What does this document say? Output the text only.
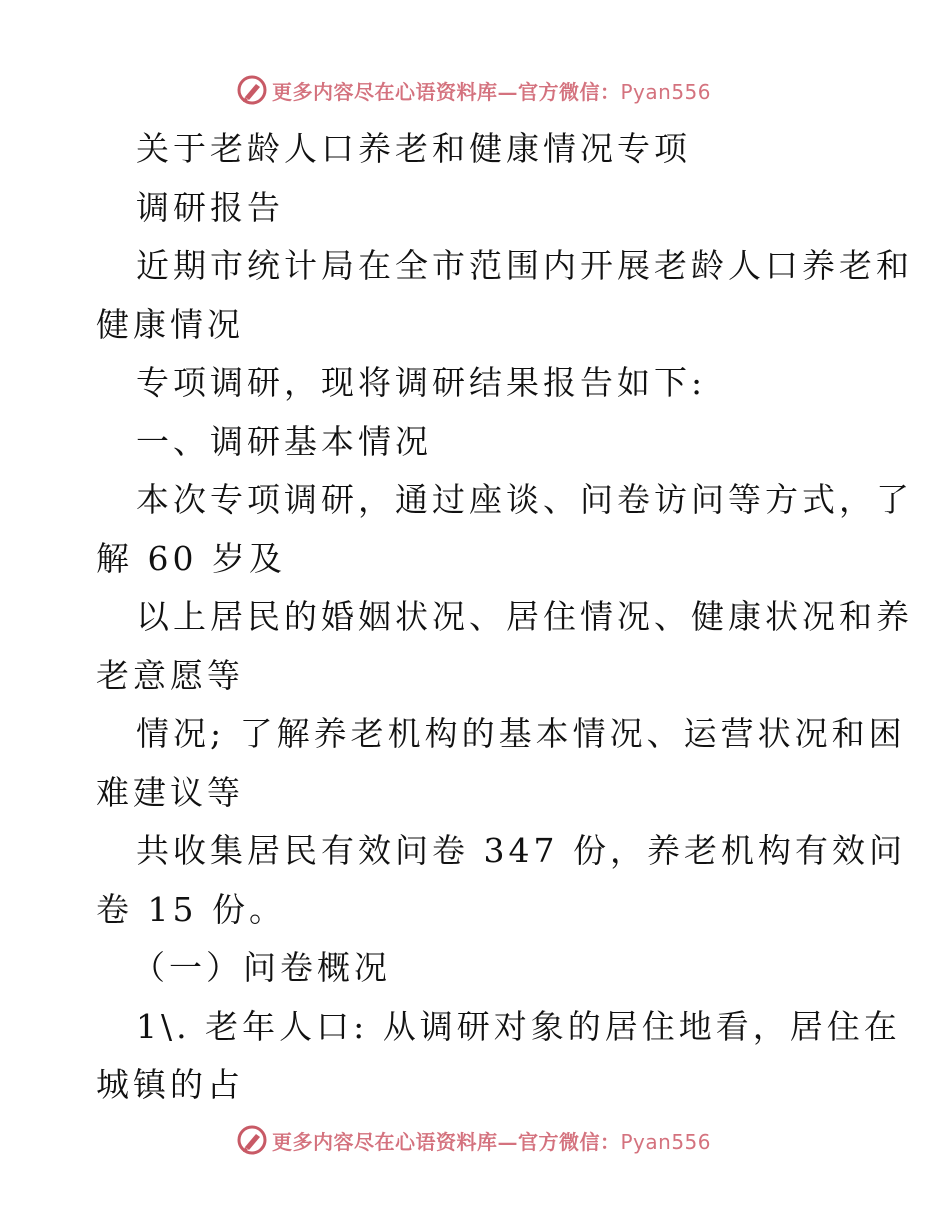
更多内容尽在心语资料库—官方微信：Pyan556
关于老龄人口养老和健康情况专项
调研报告
近期市统计局在全市范围内开展老龄人口养老和
健康情况
专项调研，现将调研结果报告如下:
一、调研基本情况
本次专项调研，通过座谈、问卷访问等方式，了
解 60 岁及
以上居民的婚姻状况、居住情况、健康状况和养
老意愿等
情况; 了解养老机构的基本情况、运营状况和困
难建议等
共收集居民有效问卷 347 份，养老机构有效问
卷 15 份。
（一）问卷概况
1\. 老年人口: 从调研对象的居住地看，居住在
城镇的占
更多内容尽在心语资料库—官方微信：Pyan556
